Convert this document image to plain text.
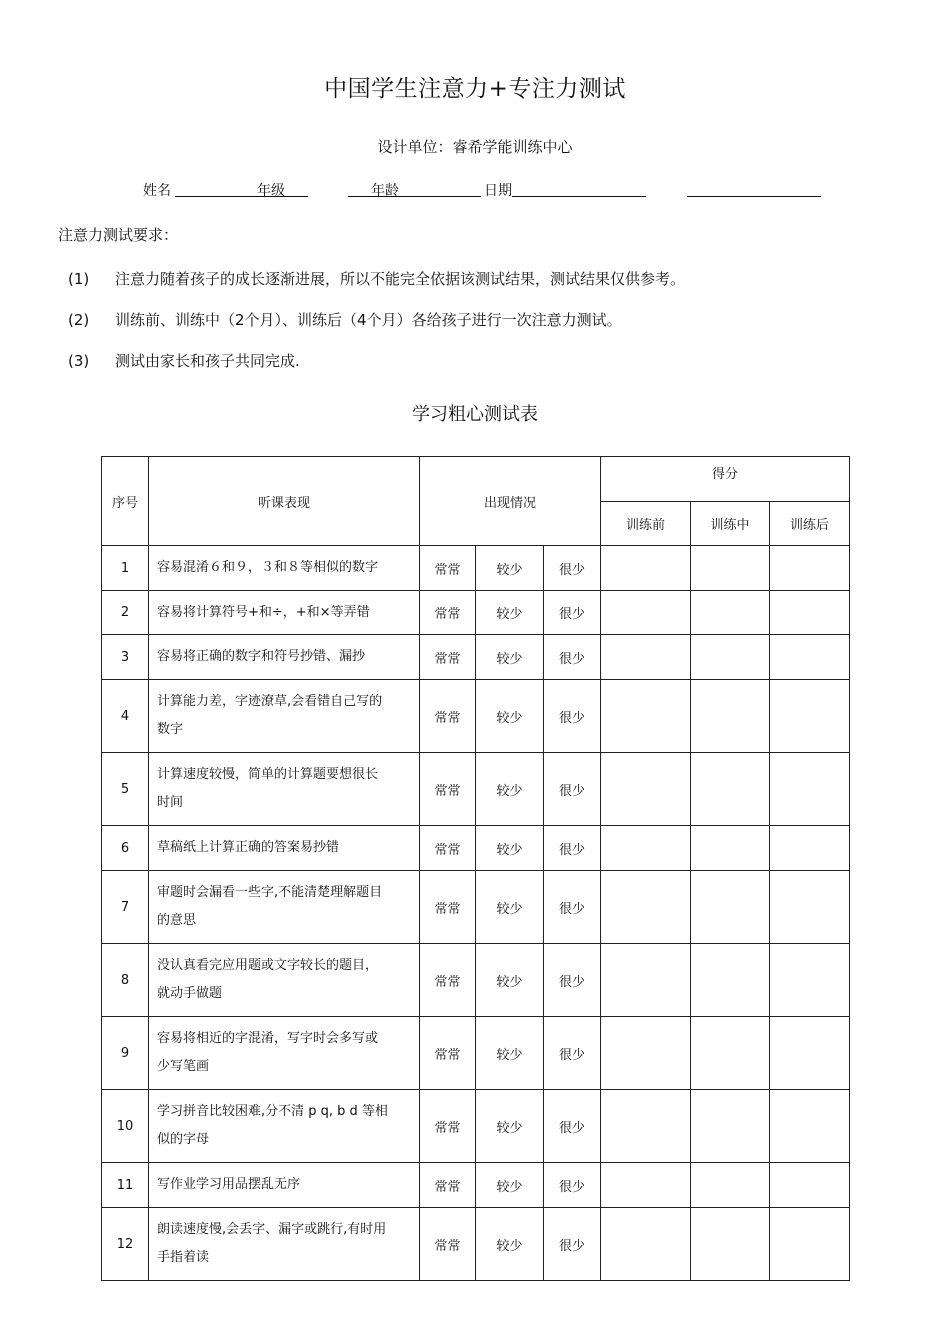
中国学生注意力+专注力测试
设计单位：睿希学能训练中心
姓名	年级	年龄	日期
注意力测试要求：
(1) 注意力随着孩子的成长逐渐进展，所以不能完全依据该测试结果，测试结果仅供参考。
(2) 训练前、训练中（2个月）、训练后（4个月）各给孩子进行一次注意力测试。
(3) 测试由家长和孩子共同完成.
学习粗心测试表
序号	听课表现	出现情况			得分		
					训练前	训练中	训练后
1	容易混淆６和９，３和８等相似的数字	常常	较少	很少			
2	容易将计算符号+和÷，+和×等弄错	常常	较少	很少			
3	容易将正确的数字和符号抄错、漏抄	常常	较少	很少			
4	计算能力差，字迹潦草,会看错自己写的
数字	常常	较少	很少			
5	计算速度较慢，简单的计算题要想很长
时间	常常	较少	很少			
6	草稿纸上计算正确的答案易抄错	常常	较少	很少			
7	审题时会漏看一些字,不能清楚理解题目
的意思	常常	较少	很少			
8	没认真看完应用题或文字较长的题目，
就动手做题	常常	较少	很少			
9	容易将相近的字混淆，写字时会多写或
少写笔画	常常	较少	很少			
10	学习拼音比较困难,分不清 p q, b d 等相
似的字母	常常	较少	很少			
11	写作业学习用品摆乱无序	常常	较少	很少			
12	朗读速度慢,会丢字、漏字或跳行,有时用
手指着读	常常	较少	很少			
